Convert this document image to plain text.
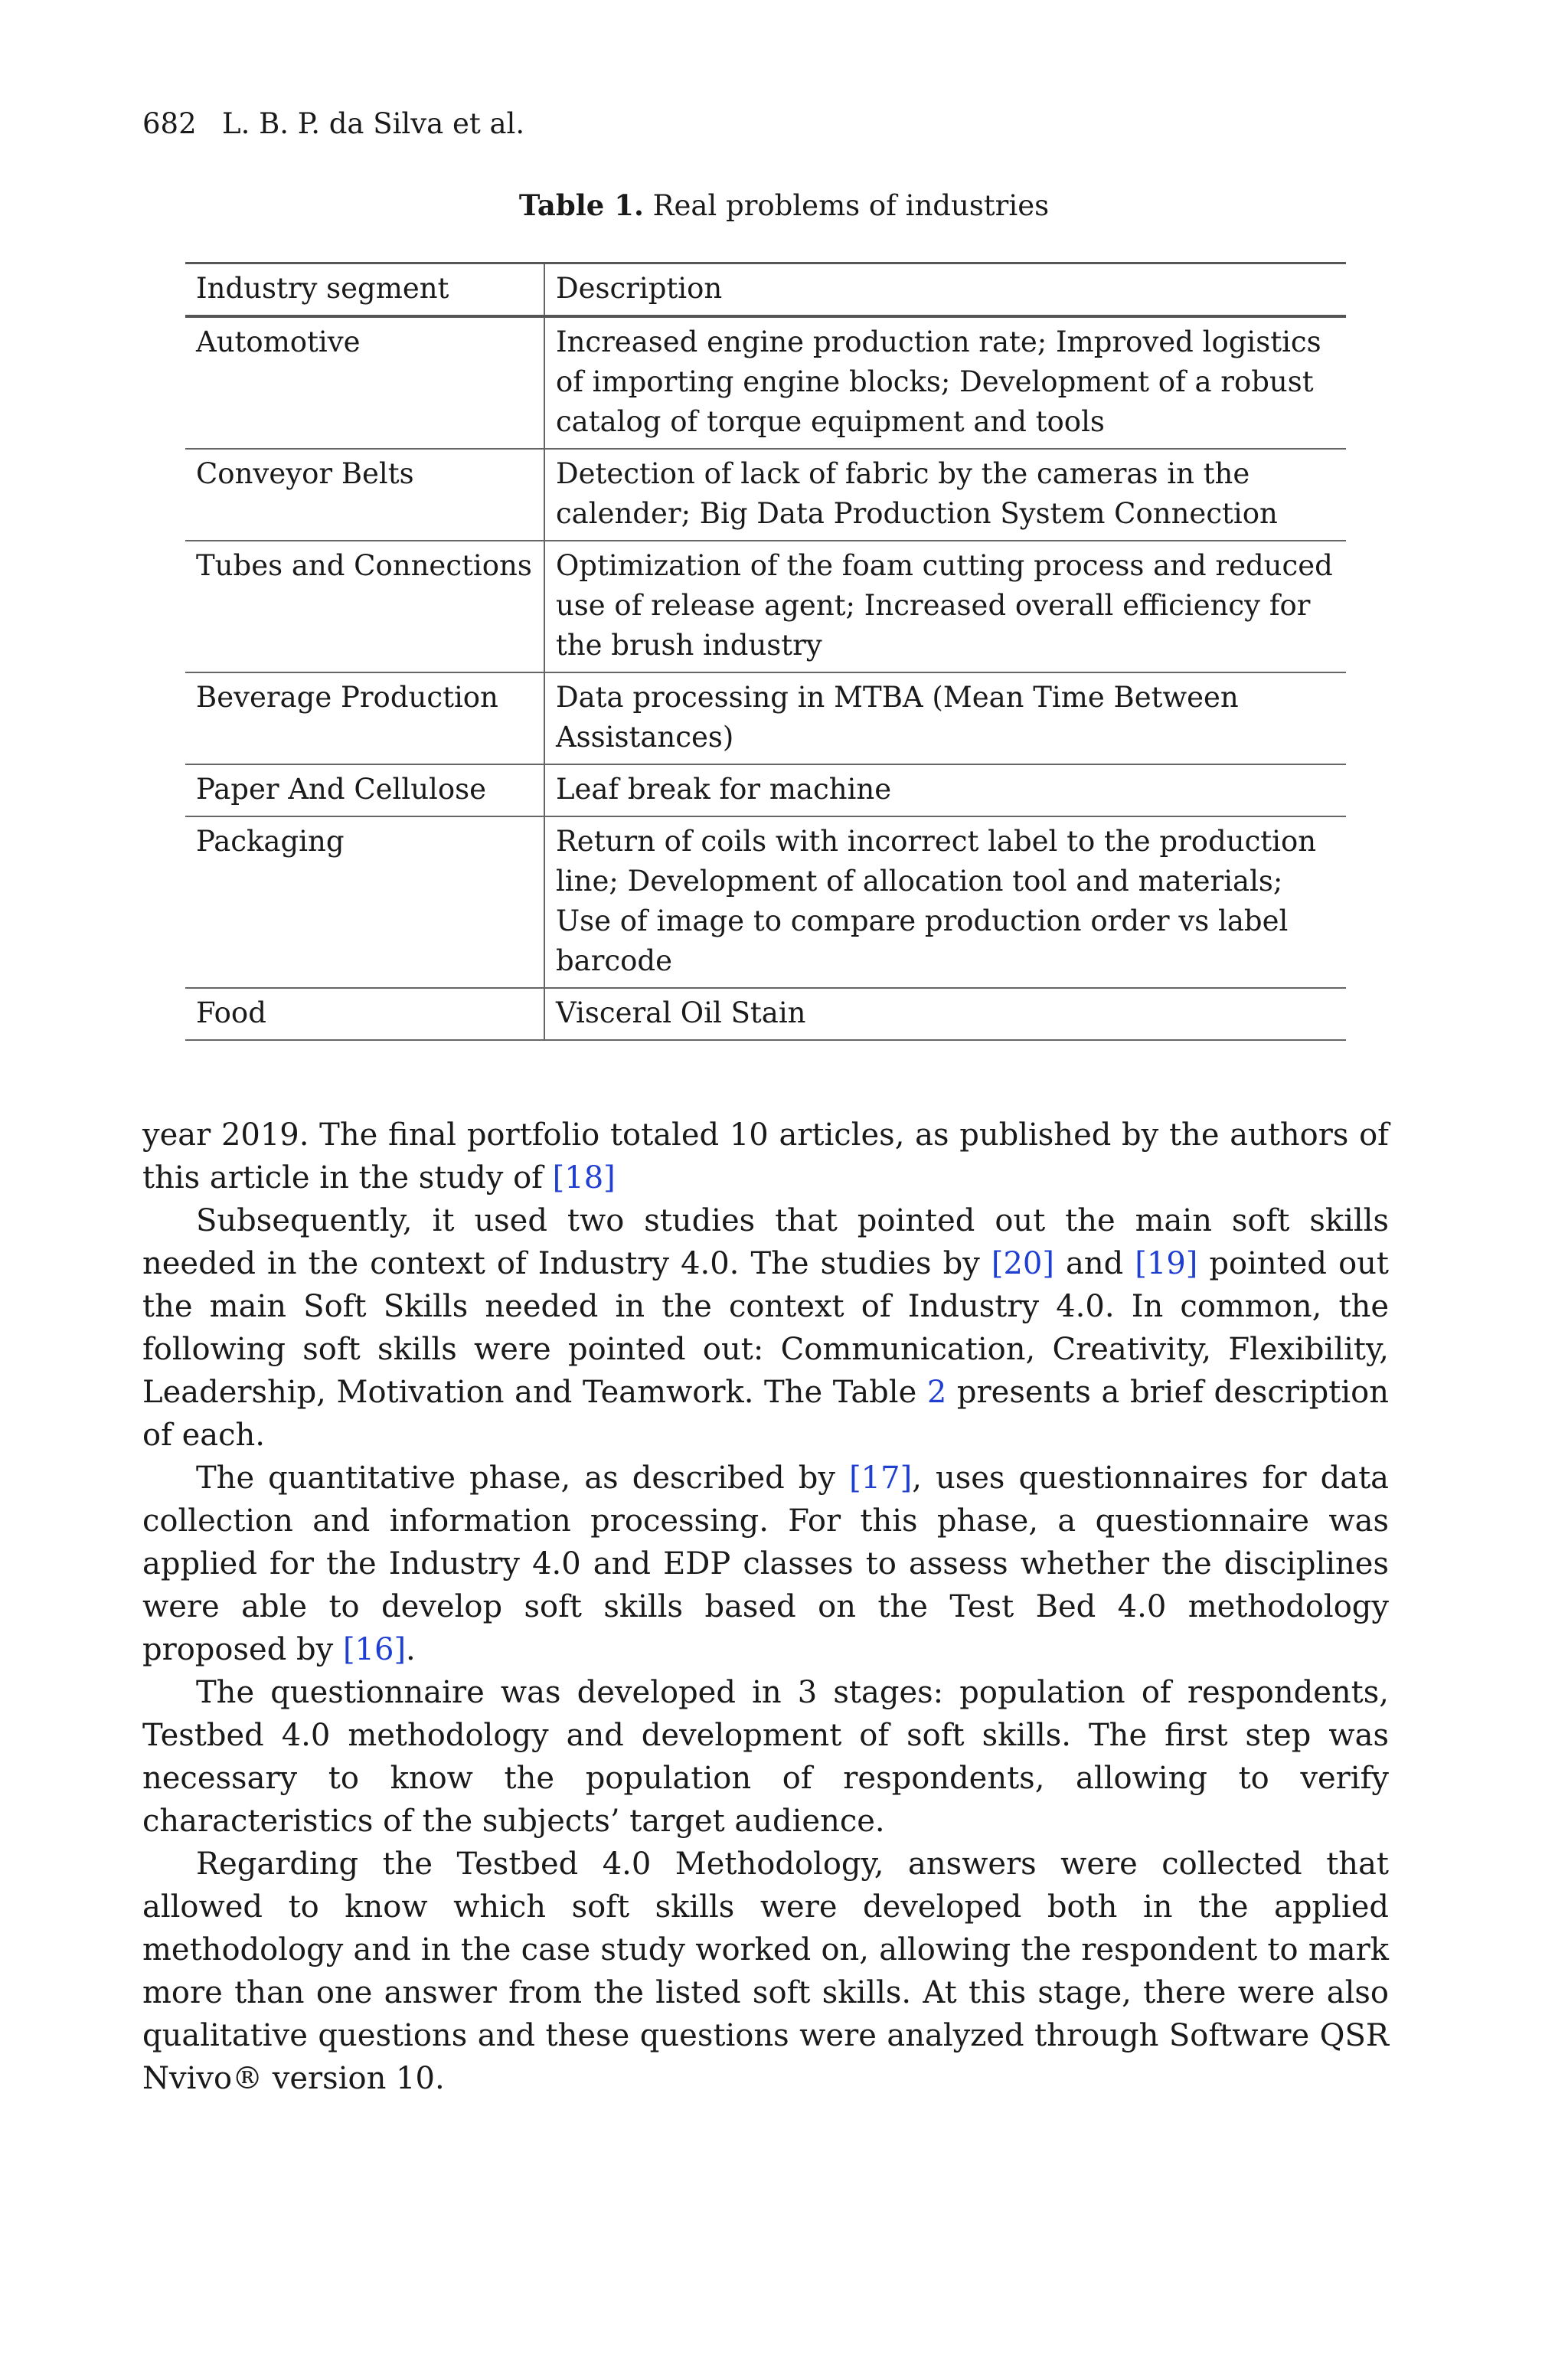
682 L. B. P. da Silva et al.
Table 1. Real problems of industries
Industry segment	Description
Automotive	Increased engine production rate; Improved logistics of importing engine blocks; Development of a robust catalog of torque equipment and tools
Conveyor Belts	Detection of lack of fabric by the cameras in the calender; Big Data Production System Connection
Tubes and Connections	Optimization of the foam cutting process and reduced use of release agent; Increased overall efficiency for the brush industry
Beverage Production	Data processing in MTBA (Mean Time Between Assistances)
Paper And Cellulose	Leaf break for machine
Packaging	Return of coils with incorrect label to the production line; Development of allocation tool and materials; Use of image to compare production order vs label barcode
Food	Visceral Oil Stain

year 2019. The final portfolio totaled 10 articles, as published by the authors of this article in the study of [18]

Subsequently, it used two studies that pointed out the main soft skills needed in the context of Industry 4.0. The studies by [20] and [19] pointed out the main Soft Skills needed in the context of Industry 4.0. In common, the following soft skills were pointed out: Communication, Creativity, Flexibility, Leadership, Motivation and Teamwork. The Table 2 presents a brief description of each.

The quantitative phase, as described by [17], uses questionnaires for data collection and information processing. For this phase, a questionnaire was applied for the Industry 4.0 and EDP classes to assess whether the disciplines were able to develop soft skills based on the Test Bed 4.0 methodology proposed by [16].

The questionnaire was developed in 3 stages: population of respondents, Testbed 4.0 methodology and development of soft skills. The first step was necessary to know the population of respondents, allowing to verify characteristics of the subjects’ target audience.

Regarding the Testbed 4.0 Methodology, answers were collected that allowed to know which soft skills were developed both in the applied methodology and in the case study worked on, allowing the respondent to mark more than one answer from the listed soft skills. At this stage, there were also qualitative questions and these questions were analyzed through Software QSR Nvivo® version 10.
